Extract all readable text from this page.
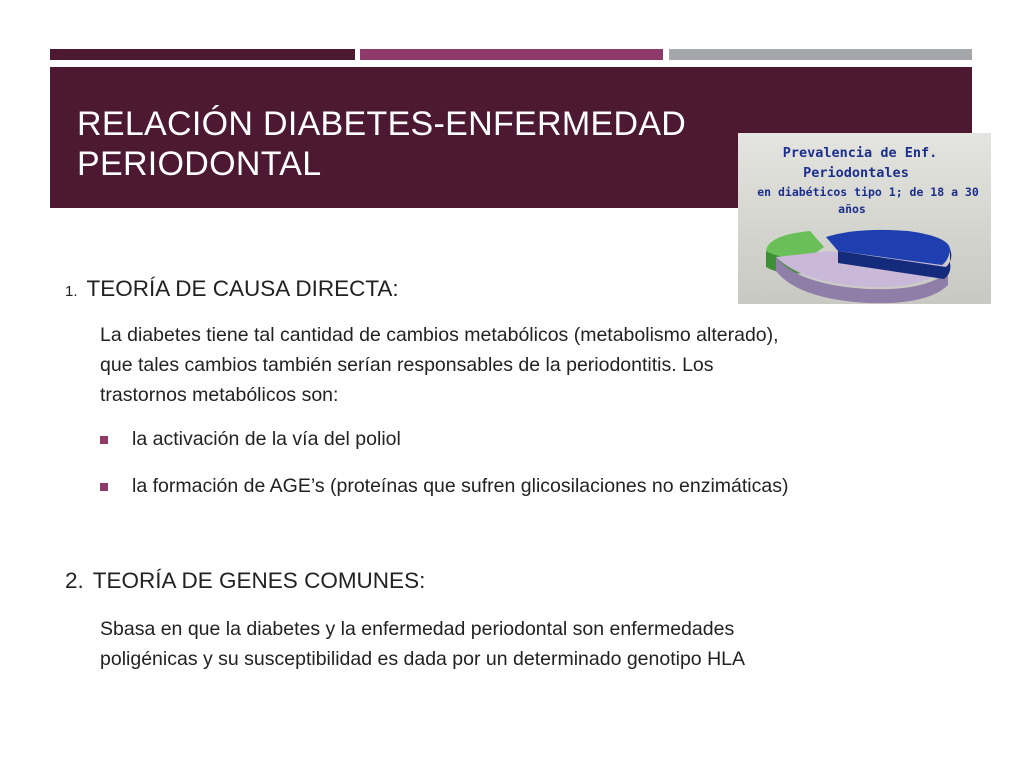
RELACIÓN DIABETES-ENFERMEDAD
PERIODONTAL	Prevalencia de Enf.
Periodontales
en diabéticos tipo 1; de 18 a 30
años
1. TEORÍA DE CAUSA DIRECTA:

La diabetes tiene tal cantidad de cambios metabólicos (metabolismo alterado),
que tales cambios también serían responsables de la periodontitis. Los
trastornos metabólicos son:

la activación de la vía del poliol
la formación de AGE’s (proteínas que sufren glicosilaciones no enzimáticas)
2. TEORÍA DE GENES COMUNES:

Sbasa en que la diabetes y la enfermedad periodontal son enfermedades
poligénicas y su susceptibilidad es dada por un determinado genotipo HLA
